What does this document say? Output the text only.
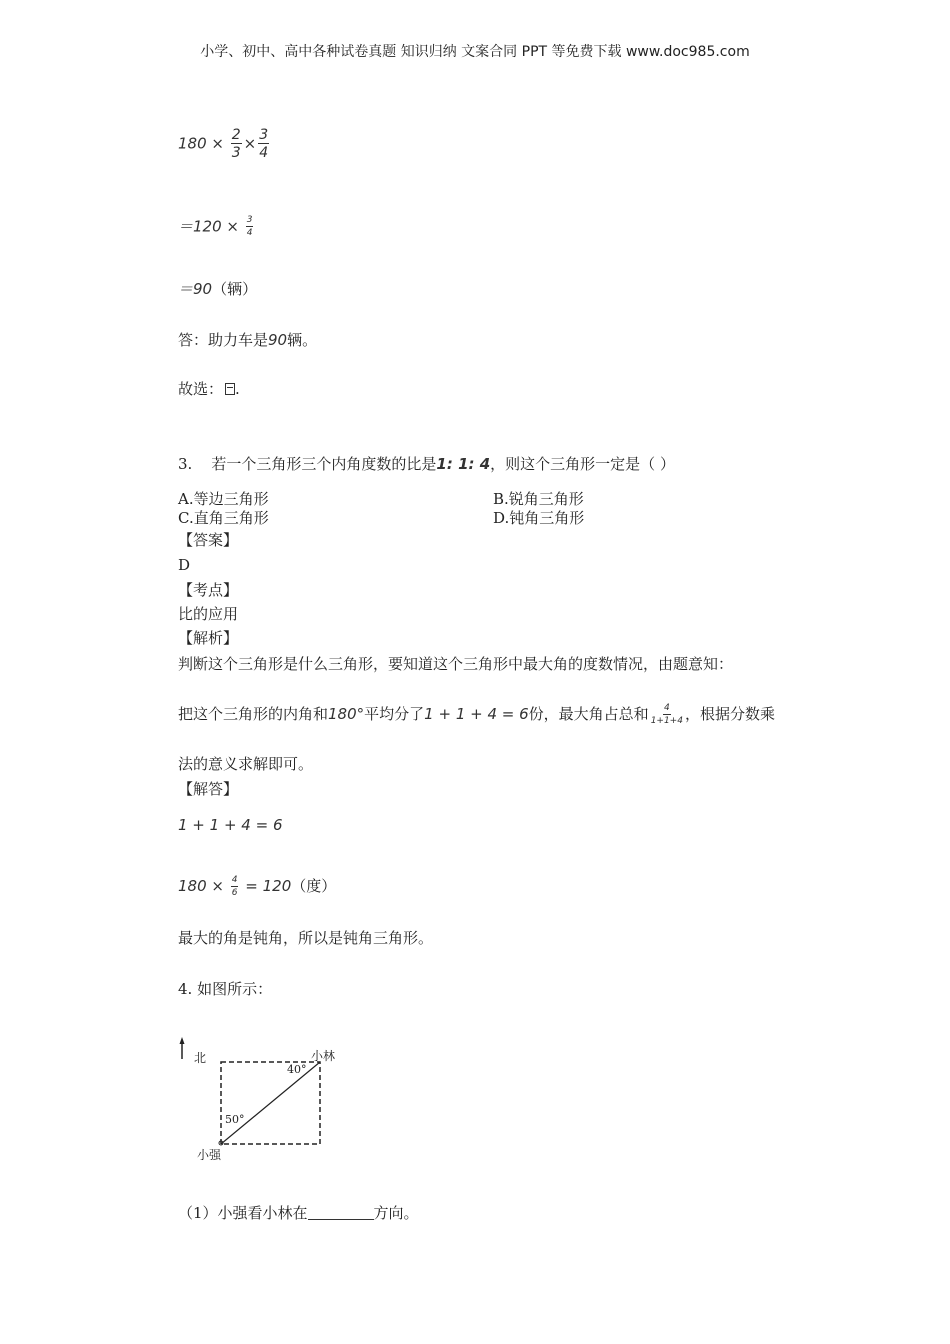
小学、初中、高中各种试卷真题 知识归纳 文案合同 PPT 等免费下载 www.doc985.com
$180 \times \frac{2}{3} \times \frac{3}{4}$
$=120 \times \frac{3}{4}$
＝90（辆）
答：助力车是90辆。
故选： .
3. 若一个三角形三个内角度数的比是1: 1: 4，则这个三角形一定是（ ）
A.等边三角形	B.锐角三角形
C.直角三角形	D.钝角三角形
【答案】
D
【考点】
比的应用
【解析】
判断这个三角形是什么三角形，要知道这个三角形中最大角的度数情况，由题意知：
把这个三角形的内角和180°平均分了1 + 1 + 4 = 6份，最大角占总和 $\frac{4}{1+1+4}$ ，根据分数乘
法的意义求解即可。
【解答】
1 + 1 + 4 = 6
$180 \times \frac{4}{6} = 120$（度）
最大的角是钝角，所以是钝角三角形。
4. 如图所示：
北	小林
40°
50°
小强
（1）小强看小林在	方向。
